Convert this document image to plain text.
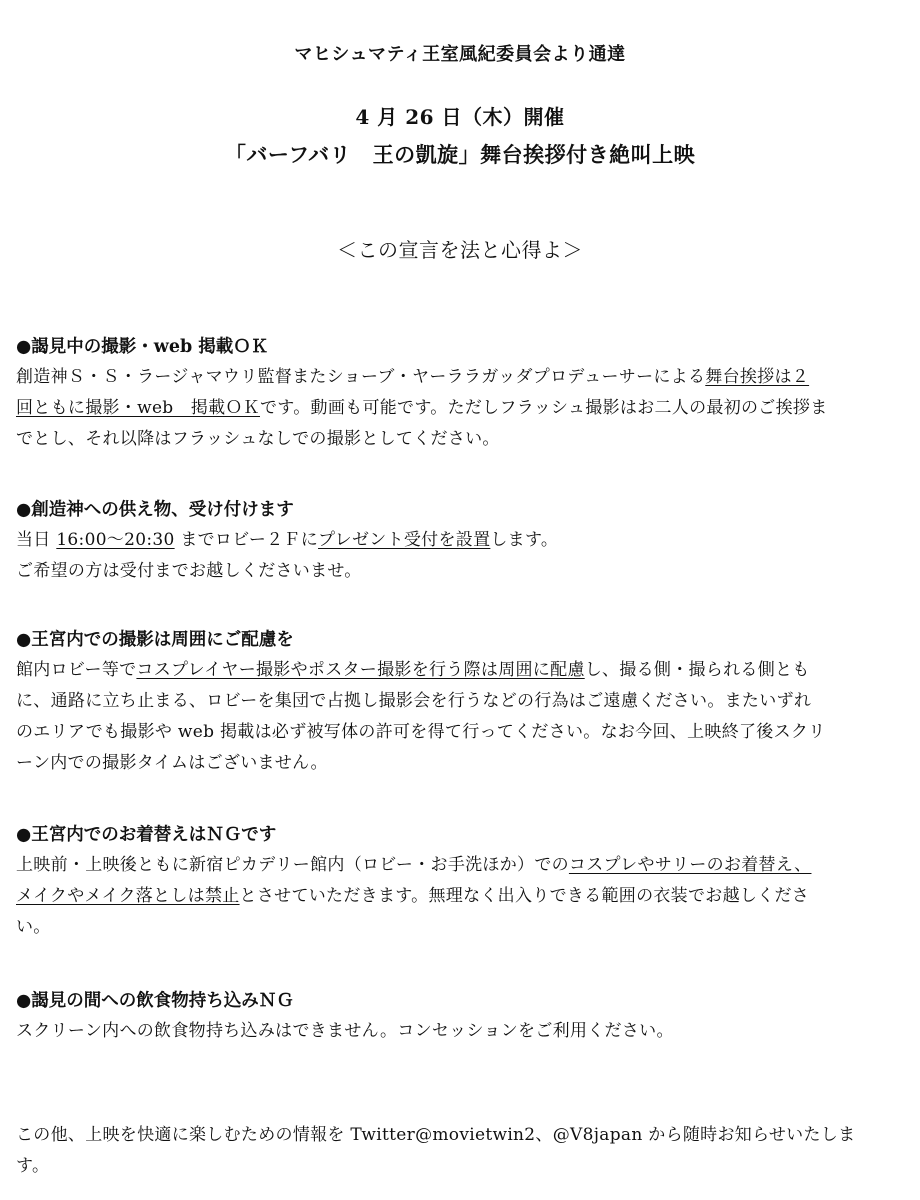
マヒシュマティ王室風紀委員会より通達
4 月 26 日（木）開催
「バーフバリ　王の凱旋」舞台挨拶付き絶叫上映
＜この宣言を法と心得よ＞
●謁見中の撮影・web 掲載ＯＫ
創造神Ｓ・Ｓ・ラージャマウリ監督またショーブ・ヤーララガッダプロデューサーによる舞台挨拶は２
回ともに撮影・web　掲載ＯＫです。動画も可能です。ただしフラッシュ撮影はお二人の最初のご挨拶ま
でとし、それ以降はフラッシュなしでの撮影としてください。
●創造神への供え物、受け付けます
当日 16:00～20:30 までロビー２Ｆにプレゼント受付を設置します。
ご希望の方は受付までお越しくださいませ。
●王宮内での撮影は周囲にご配慮を
館内ロビー等でコスプレイヤー撮影やポスター撮影を行う際は周囲に配慮し、撮る側・撮られる側とも
に、通路に立ち止まる、ロビーを集団で占拠し撮影会を行うなどの行為はご遠慮ください。またいずれ
のエリアでも撮影や web 掲載は必ず被写体の許可を得て行ってください。なお今回、上映終了後スクリ
ーン内での撮影タイムはございません。
●王宮内でのお着替えはＮＧです
上映前・上映後ともに新宿ピカデリー館内（ロビー・お手洗ほか）でのコスプレやサリーのお着替え、
メイクやメイク落としは禁止とさせていただきます。無理なく出入りできる範囲の衣装でお越しくださ
い。
●謁見の間への飲食物持ち込みＮＧ
スクリーン内への飲食物持ち込みはできません。コンセッションをご利用ください。
この他、上映を快適に楽しむための情報を Twitter@movietwin2、@V8japan から随時お知らせいたしま
す。
